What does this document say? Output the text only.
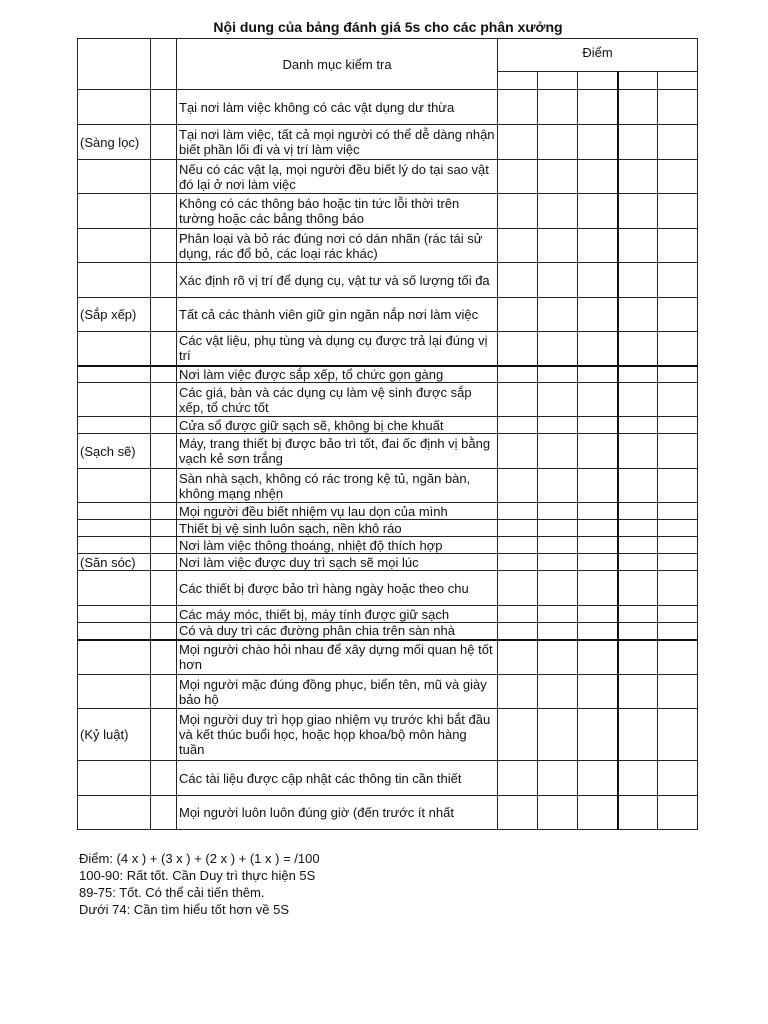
Nội dung của bảng đánh giá 5s cho các phân xưởng
		Danh mục kiểm tra	Điểm				

		Tại nơi làm việc không có các vật dụng dư thừa					
(Sàng lọc)		Tại nơi làm việc, tất cả mọi người có thể dễ dàng nhận biết phần lối đi và vị trí làm việc					
		Nếu có các vật lạ, mọi người đều biết lý do tại sao vật đó lại ở nơi làm việc					
		Không có các thông báo hoặc tin tức lỗi thời trên tường hoặc các bảng thông báo					
		Phân loại và bỏ rác đúng nơi có dán nhãn (rác tái sử dụng, rác đổ bỏ, các loại rác khác)					
		Xác định rõ vị trí để dụng cụ, vật tư và số lượng tối đa					
(Sắp xếp)		Tất cả các thành viên giữ gìn ngăn nắp nơi làm việc					
		Các vật liệu, phụ tùng và dụng cụ được trả lại đúng vị trí					
		Nơi làm việc được sắp xếp, tổ chức gọn gàng					
		Các giá, bàn và các dụng cụ làm vệ sinh được sắp xếp, tổ chức tốt					
		Cửa sổ được giữ sạch sẽ, không bị che khuất					
(Sạch sẽ)		Máy, trang thiết bị được bảo trì tốt, đai ốc định vị bằng vạch kẻ sơn trắng					
		Sàn nhà sạch, không có rác trong kệ tủ, ngăn bàn, không mạng nhện					
		Mọi người đều biết nhiệm vụ lau dọn của mình					
		Thiết bị vệ sinh luôn sạch, nền khô ráo					
		Nơi làm việc thông thoáng, nhiệt độ thích hợp					
(Săn sóc)		Nơi làm việc được duy trì sạch sẽ mọi lúc					
		Các thiết bị được bảo trì hàng ngày hoặc theo chu					
		Các máy móc, thiết bị, máy tính được giữ sạch					
		Có và duy trì các đường phân chia trên sàn nhà					
		Mọi người chào hỏi nhau để xây dựng mối quan hệ tốt hơn					
		Mọi người mặc đúng đồng phục, biển tên, mũ và giày bảo hộ					
(Kỷ luật)		Mọi người duy trì họp giao nhiệm vụ trước khi bắt đầu và kết thúc buổi học, hoặc họp khoa/bộ môn hàng tuần					
		Các tài liệu được cập nhật các thông tin cần thiết					
		Mọi người luôn luôn đúng giờ (đến trước ít nhất					
Điểm: (4 x ) + (3 x ) + (2 x ) + (1 x ) = /100
100-90: Rất tốt. Cần Duy trì thực hiện 5S
89-75: Tốt. Có thể cải tiến thêm.
Dưới 74: Cần tìm hiểu tốt hơn về 5S
